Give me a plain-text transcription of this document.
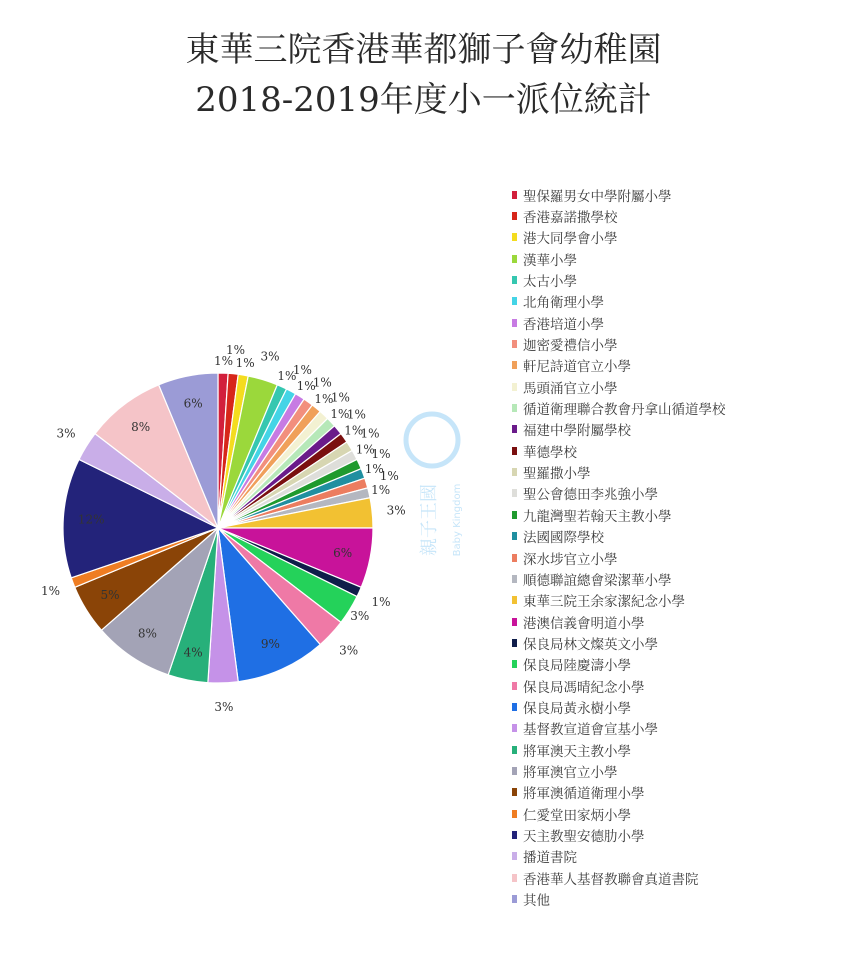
東華三院香港華都獅子會幼稚園
2018-2019年度小一派位統計
親子王國 Baby Kingdom
1%
1%
1% 3%
1%
1%
1%
1%
1%
1%
1%
1%
1%
1%
1%
1%
1%
1%
1%
3%
6%
1%
3%
3%
9%
3%
4%
8%
5%
1%
12%
3%	8%
6%
聖保羅男女中學附屬小學
香港嘉諾撒學校
港大同學會小學
漢華小學
太古小學
北角衛理小學
香港培道小學
迦密愛禮信小學
軒尼詩道官立小學
馬頭涌官立小學
循道衛理聯合教會丹拿山循道學校
福建中學附屬學校
華德學校
聖羅撒小學
聖公會德田李兆強小學
九龍灣聖若翰天主教小學
法國國際學校
深水埗官立小學
順德聯誼總會梁潔華小學
東華三院王余家潔紀念小學
港澳信義會明道小學
保良局林文燦英文小學
保良局陸慶濤小學
保良局馮晴紀念小學
保良局黃永樹小學
基督教宣道會宣基小學
將軍澳天主教小學
將軍澳官立小學
將軍澳循道衛理小學
仁愛堂田家炳小學
天主教聖安德肋小學
播道書院
香港華人基督教聯會真道書院
其他
